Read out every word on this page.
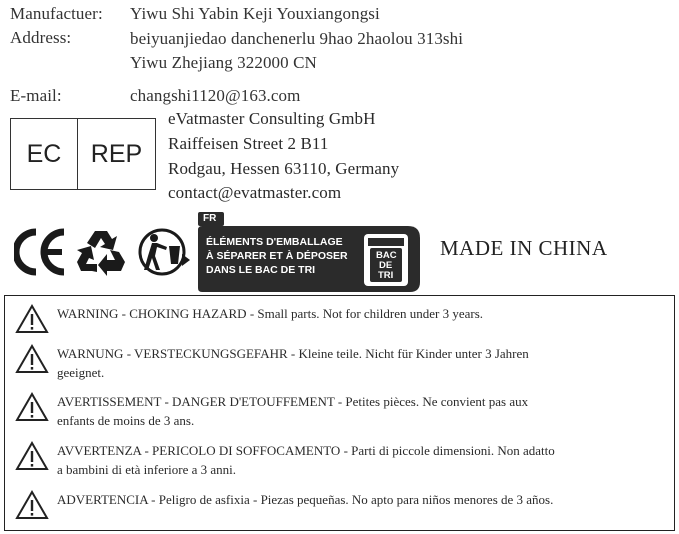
Manufactuer: Yiwu Shi Yabin Keji Youxiangongsi
Address:	beiyuanjiedao danchenerlu 9hao 2haolou 313shi
Yiwu Zhejiang 322000 CN
E-mail:	changshi1120@163.com
EC	REP
eVatmaster Consulting GmbH
Raiffeisen Street 2 B11
Rodgau, Hessen 63110, Germany
contact@evatmaster.com
FR
ÉLÉMENTS D'EMBALLAGE
À SÉPARER ET À DÉPOSER
DANS LE BAC DE TRI
BAC
DE
TRI
MADE IN CHINA
WARNING - CHOKING HAZARD - Small parts. Not for children under 3 years.
WARNUNG - VERSTECKUNGSGEFAHR - Kleine teile. Nicht für Kinder unter 3 Jahren
geeignet.
AVERTISSEMENT - DANGER D'ETOUFFEMENT - Petites pièces. Ne convient pas aux
enfants de moins de 3 ans.
AVVERTENZA - PERICOLO DI SOFFOCAMENTO - Parti di piccole dimensioni. Non adatto
a bambini di età inferiore a 3 anni.
ADVERTENCIA - Peligro de asfixia - Piezas pequeñas. No apto para niños menores de 3 años.
